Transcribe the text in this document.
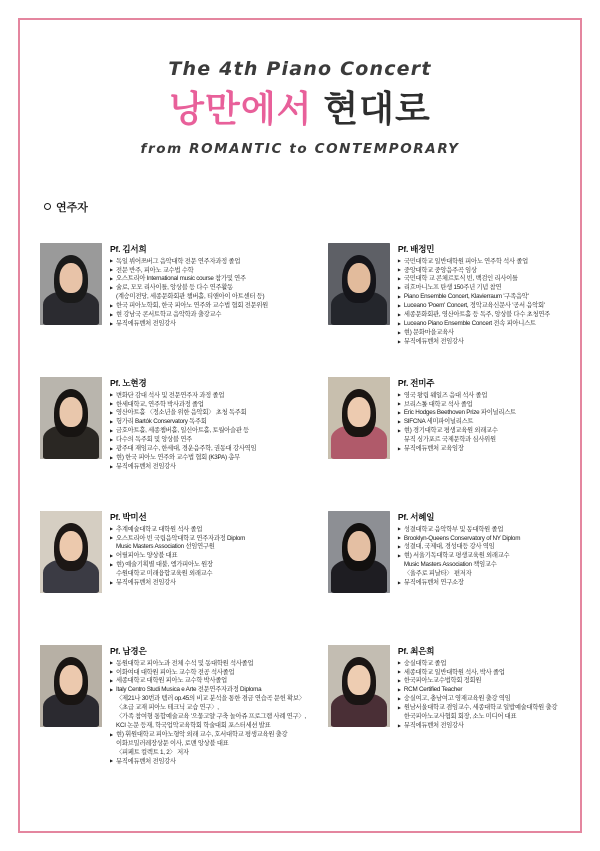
The 4th Piano Concert
낭만에서 현대로
from ROMANTIC to CONTEMPORARY
연주자
Pf. 김서희
▶ 독일 뷔어쯔버그 음악대학 전문 연주자과정 졸업
▶ 전문 반주, 피아노 교수법 수학
▶ 오스트리아 International music course 참가및 연주
▶ 슐로, 모모 리사이틀, 앙상블 등 다수 연주활동
(계승미전당, 세종문화회관 챔버홀, 티앤아이 아트센터 등)
▶ 한국 피아노학회, 한국 피아노 연주와 교수법 협회 전문위원
▶ 현 강남국 콘서트학교 음악학과 출강교수
▶ 뮤직에듀벤처 전임강사
Pf. 배정민
▶ 국민대학교 일반대학원 피아노 연주학 석사 졸업
▶ 중앙대학교 중앙음주곡 임상
▶ 국민대학 교 콘체르토식 빈, 백검인 리사이틀
▶ 리흐마니노프 탄생 150주년 기념 참연
▶ Piano Ensemble Concert, Klavierraum '구족음악'
▶ Luceano 'Poem' Concert, 정악교육신문사 '공서 음악회'
▶ 세종문화회관, 영산아트홀 등 독주, 앙상블 다수 초청연주
▶ Luceano Piano Ensemble Concert 전속 피아니스트
▶ 현) 문화마을교육사
▶ 뮤직에듀벤처 전임강사
Pf. 노현경
▶ 변화단 감대 석사 및 전문연주자 과정 졸업
▶ 한세대학교, 연주학 박사과정 졸업
▶ 영산아트홀 〈정소년을 위한 음악회〉 초청 독주회
▶ 헝가리 Bartók Conservatory 독주회
▶ 금호아트홀, 세종챔버홀, 일신아트홀, 토월아슬관 등
▶ 다수의 독주회 및 앙상블 연주
▶ 광주대 재임교수, 한세대, 경운음주학, 권동대 강사역임
▶ 현) 한국 피아노 연주와 교수법 협회 (K3PA) 총무
▶ 뮤직에듀벤처 전임강사
Pf. 전미주
▶ 영국 왕립 웨일즈 음대 석사 졸업
▶ 브리스톨 대학교 석사 졸업
▶ Eric Hodges Beethoven Prize 파이널리스트
▶ SIFCNA 세미파이널리스트
▶ 현) 경기대학교 평생교육원 외래교수
뮤직 싱가포르 국제문학과 심사위원
▶ 뮤직에듀벤처 교육임장
Pf. 박미선
▶ 추계예술대학교 대학원 석사 졸업
▶ 오스트리아 빈 국립음악대학교 연주자과정 Diplom
Music Masters Association 선임연구원
▶ 어릴피아노 양상블 대표
▶ 현) 예술기획별 대불, 엠가피아노 원장
수원대학교 미래융합교육원 외래교수
▶ 뮤직에듀벤처 전임강사
Pf. 서혜일
▶ 성결대학교 음악학부 및 동대학원 졸업
▶ Brooklyn-Queens Conservatory of NY Diplom
▶ 성결대, 국제대, 경성대등 강사 역임
▶ 현) 서울기독대학교 평생교육원 외래교수
Music Masters Association 책임교수
〈울주로 피날타〉 편저자
▶ 뮤직에듀벤처 연구소장
Pf. 남경은
▶ 동원대학교 피아노과 전체 수석 및 동대학원 석사졸업
▶ 이화여대 대학원 피아노 교수학 전공 석사졸업
▶ 세종대학교 대학원 피아노 교수학 박사졸업
▶ Italy Centro Studi Musica e Arte 전문연주자과정 Diploma
〈제21나 30번과 템러 op.45의 비교 분석을 통한 겸금 연습곡 문헌 확보〉
〈초급 교재 피아노 테크닉 교습 연구〉,
〈가족 참여형 통합예술교육 '으뭏고얄 구축 놀아쥬 프로그램 사례 연구〉,
KCI 논문 등재, 학국업악교육학회 학술대회 포스터세션 발표
▶ 현) 휘원대학교 피아노형악 외래 교수, 호서대학교 평생교육원 출강
이화브밀러레장상문 이사, 로맨 앙상블 대표
〈피페트 컬렉트 1, 2〉 저자
▶ 뮤직에듀벤처 전임강사
Pf. 최은희
▶ 숭실대학교 졸업
▶ 세종대학교 일반대학원 석사, 박사 졸업
▶ 한국피아노교수법학회 정회원
▶ RCM Certified Teacher
▶ 숭실여고, 충남여고 영재교육원 출강 역임
▶ 원남서울대학교 겸임교수, 세종대학교 일밥예술대학원 출강
한국피아노교사협회 회장, 소노 미디어 대표
▶ 뮤직에듀벤처 전임강사
